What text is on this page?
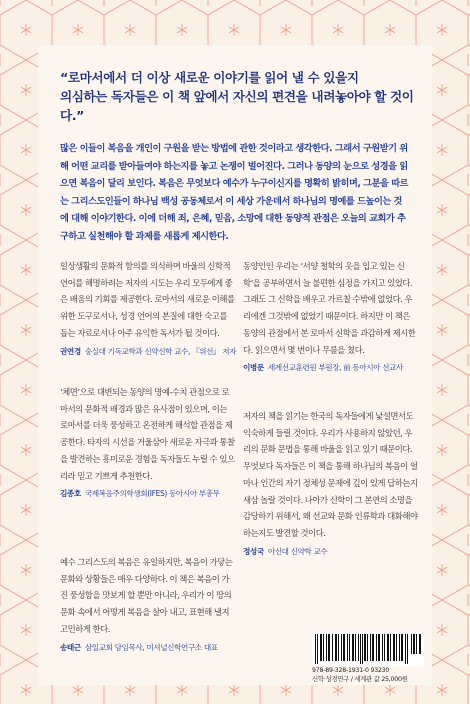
“로마서에서 더 이상 새로운 이야기를 읽어 낼 수 있을지
의심하는 독자들은 이 책 앞에서 자신의 편견을 내려놓아야 할 것이다.”
많은 이들이 복음을 개인이 구원을 받는 방법에 관한 것이라고 생각한다. 그래서 구원받기 위해 어떤 교리를 받아들여야 하는지를 놓고 논쟁이 벌어진다. 그러나 동양의 눈으로 성경을 읽으면 복음이 달리 보인다. 복음은 무엇보다 예수가 누구이신지를 명확히 밝히며, 그분을 따르는 그리스도인들이 하나님 백성 공동체로서 이 세상 가운데서 하나님의 명예를 드높이는 것에 대해 이야기한다. 이에 더해 죄, 은혜, 믿음, 소망에 대한 동양적 관점은 오늘의 교회가 추구하고 실천해야 할 과제를 새롭게 제시한다.

일상생활의 문화적 함의를 의식하며 바울의 신학적 언어를 해명하려는 저자의 시도는 우리 모두에게 좋은 배움의 기회를 제공한다. 로마서의 새로운 이해를 위한 도구로서나, 성경 언어의 본질에 대한 숙고를 돕는 자료로서나 아주 유익한 독서가 될 것이다.

권연경 숭실대 기독교학과 신약신학 교수, 『위선』 저자

‘체면’으로 대변되는 동양의 명예-수치 관점으로 로마서의 문화적 배경과 많은 유사점이 있으며, 이는 로마서를 더욱 풍성하고 온전하게 해석할 관점을 제공한다. 타자의 시선을 거울삼아 새로운 자극과 통찰을 발견하는 흥미로운 경험을 독자들도 누릴 수 있으리라 믿고 기쁘게 추천한다.

김종호 국제복음주의학생회(IFES) 동아시아 부총무

예수 그리스도의 복음은 유일하지만, 복음이 가닿는 문화와 상황들은 매우 다양하다. 이 책은 복음이 가진 풍성함을 맛보게 할 뿐만 아니라, 우리가 이 땅의 문화 속에서 어떻게 복음을 살아 내고, 표현해 낼지 고민하게 한다.

송태근 삼일교회 담임목사, 미셔널신학연구소 대표

동양인인 우리는 ‘서양 철학의 옷을 입고 있는 신학’을 공부하면서 늘 불편한 심정을 가지고 있었다. 그래도 그 신학을 배우고 가르칠 수밖에 없었다. 우리에겐 그것밖에 없었기 때문이다. 하지만 이 책은 동양의 관점에서 본 로마서 신학을 과감하게 제시한다. 읽으면서 몇 번이나 무릎을 쳤다.

이병문 세계선교훈련원 부원장, 前 동아시아 선교사

저자의 책을 읽기는 한국의 독자들에게 낯설면서도 익숙하게 들릴 것이다. 우리가 사용하지 않았던, 우리의 문화 문법을 통해 바울을 읽고 있기 때문이다. 무엇보다 독자들은 이 책을 통해 하나님의 복음이 얼마나 인간의 자기 정체성 문제에 깊이 있게 답하는지 새삼 놀랄 것이다. 나아가 신학이 그 본연의 소명을 감당하기 위해서, 왜 선교와 문화 인류학과 대화해야 하는지도 발견할 것이다.

정성국 아신대 신약학 교수
978-89-328-1931-0 93230
신학·성경연구 / 세계관 값 25,000원
